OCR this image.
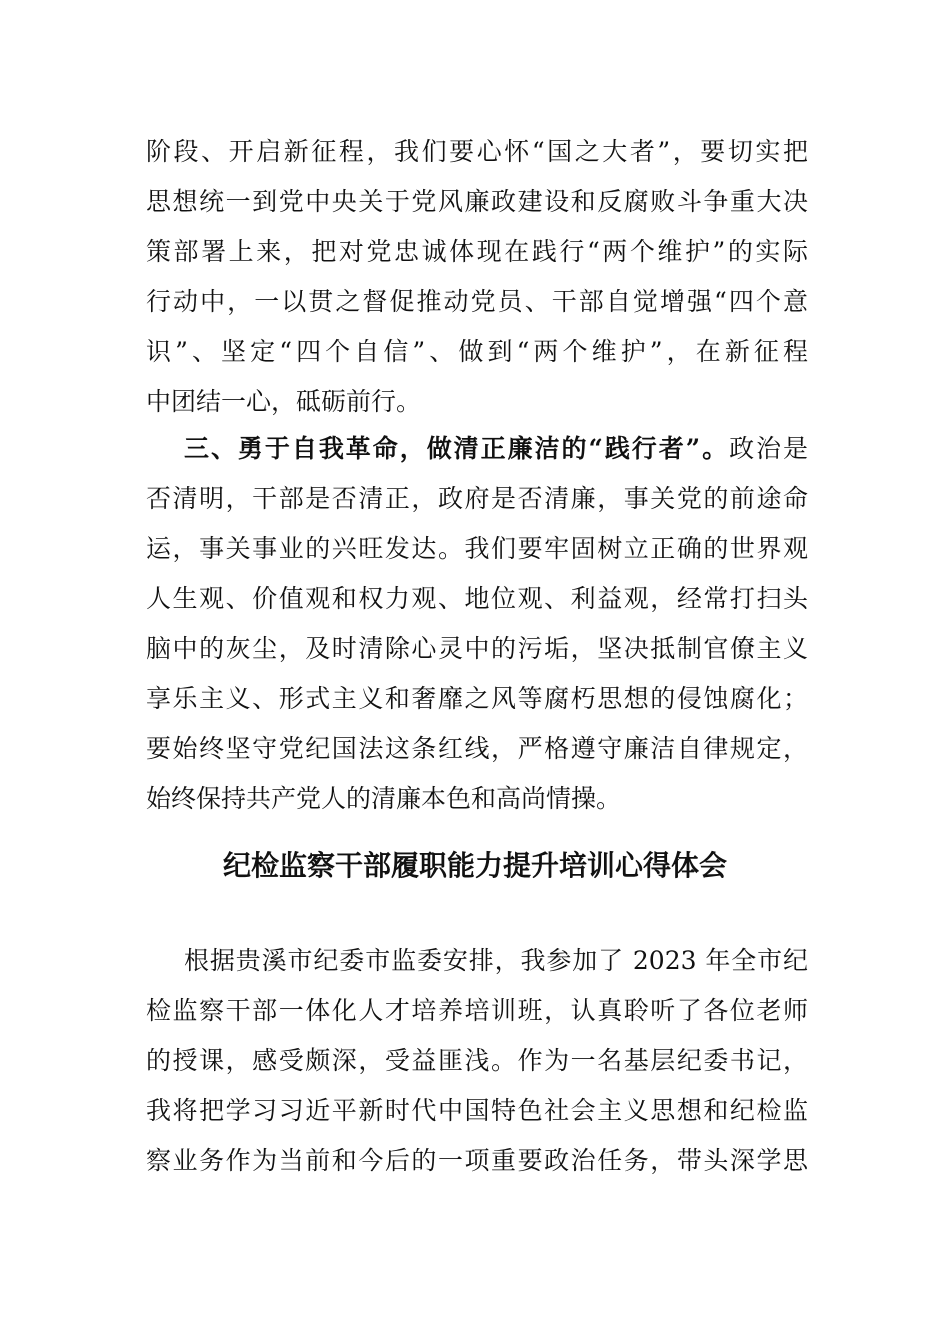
阶段、开启新征程，我们要心怀“国之大者”，要切实把
思想统一到党中央关于党风廉政建设和反腐败斗争重大决
策部署上来，把对党忠诚体现在践行“两个维护”的实际
行动中，一以贯之督促推动党员、干部自觉增强“四个意
识”、坚定“四个自信”、做到“两个维护”，在新征程
中团结一心，砥砺前行。
三、勇于自我革命，做清正廉洁的“践行者”。政治是
否清明，干部是否清正，政府是否清廉，事关党的前途命
运，事关事业的兴旺发达。我们要牢固树立正确的世界观
人生观、价值观和权力观、地位观、利益观，经常打扫头
脑中的灰尘，及时清除心灵中的污垢，坚决抵制官僚主义
享乐主义、形式主义和奢靡之风等腐朽思想的侵蚀腐化；
要始终坚守党纪国法这条红线，严格遵守廉洁自律规定，
始终保持共产党人的清廉本色和高尚情操。
纪检监察干部履职能力提升培训心得体会
根据贵溪市纪委市监委安排，我参加了 2023 年全市纪
检监察干部一体化人才培养培训班，认真聆听了各位老师
的授课，感受颇深，受益匪浅。作为一名基层纪委书记，
我将把学习习近平新时代中国特色社会主义思想和纪检监
察业务作为当前和今后的一项重要政治任务，带头深学思
